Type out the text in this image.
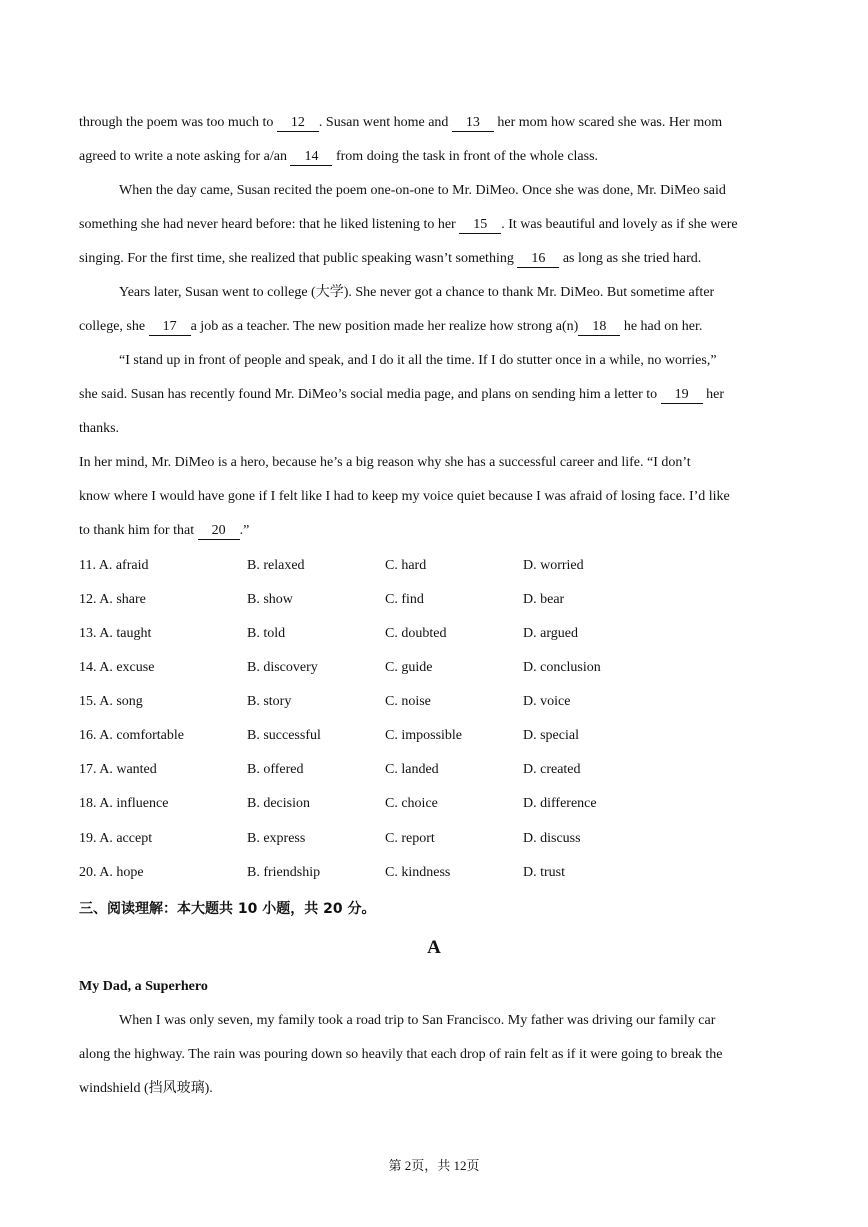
through the poem was too much to 12 . Susan went home and 13 her mom how scared she was. Her mom
agreed to write a note asking for a/an 14 from doing the task in front of the whole class.
When the day came, Susan recited the poem one-on-one to Mr. DiMeo. Once she was done, Mr. DiMeo said
something she had never heard before: that he liked listening to her 15 . It was beautiful and lovely as if she were
singing. For the first time, she realized that public speaking wasn’t something 16 as long as she tried hard.
Years later, Susan went to college (大学). She never got a chance to thank Mr. DiMeo. But sometime after
college, she 17 a job as a teacher. The new position made her realize how strong a(n) 18 he had on her.
“I stand up in front of people and speak, and I do it all the time. If I do stutter once in a while, no worries,”
she said. Susan has recently found Mr. DiMeo’s social media page, and plans on sending him a letter to 19 her
thanks.
In her mind, Mr. DiMeo is a hero, because he’s a big reason why she has a successful career and life. “I don’t
know where I would have gone if I felt like I had to keep my voice quiet because I was afraid of losing face. I’d like
to thank him for that 20 .”
11. A. afraid	B. relaxed	C. hard	D. worried
12. A. share	B. show	C. find	D. bear
13. A. taught	B. told	C. doubted	D. argued
14. A. excuse	B. discovery	C. guide	D. conclusion
15. A. song	B. story	C. noise	D. voice
16. A. comfortable	B. successful	C. impossible	D. special
17. A. wanted	B. offered	C. landed	D. created
18. A. influence	B. decision	C. choice	D. difference
19. A. accept	B. express	C. report	D. discuss
20. A. hope	B. friendship	C. kindness	D. trust
三、阅读理解：本大题共 10 小题，共 20 分。
A
My Dad, a Superhero
When I was only seven, my family took a road trip to San Francisco. My father was driving our family car
along the highway. The rain was pouring down so heavily that each drop of rain felt as if it were going to break the
windshield (挡风玻璃).
第 2页，共 12页
